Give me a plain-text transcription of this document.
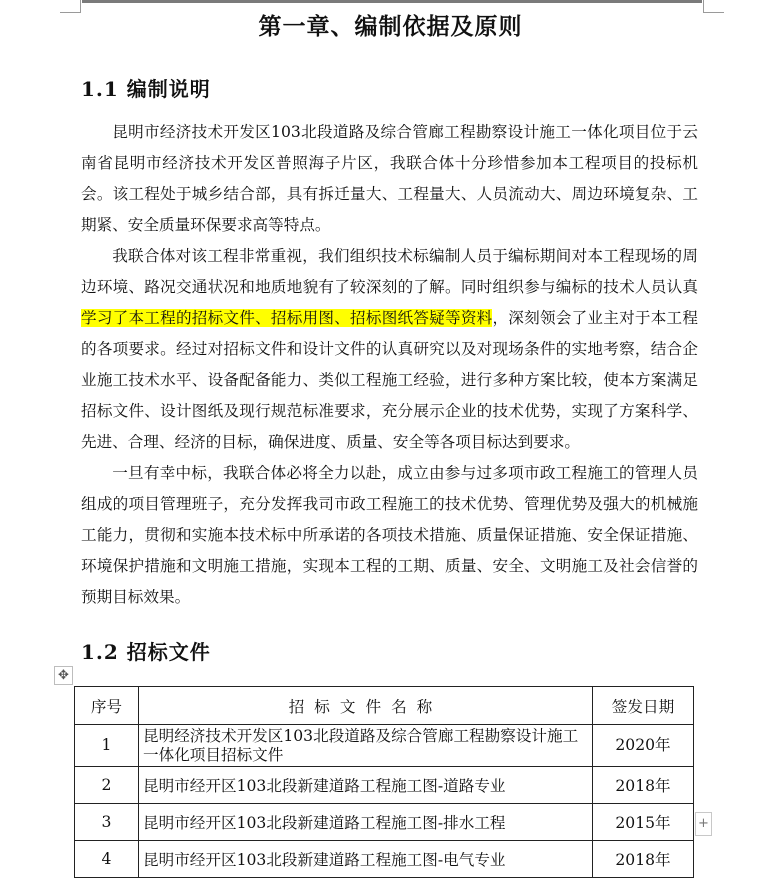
第一章、编制依据及原则
1.1 编制说明

昆明市经济技术开发区103北段道路及综合管廊工程勘察设计施工一体化项目位于云南省昆明市经济技术开发区普照海子片区，我联合体十分珍惜参加本工程项目的投标机会。该工程处于城乡结合部，具有拆迁量大、工程量大、人员流动大、周边环境复杂、工期紧、安全质量环保要求高等特点。

我联合体对该工程非常重视，我们组织技术标编制人员于编标期间对本工程现场的周边环境、路况交通状况和地质地貌有了较深刻的了解。同时组织参与编标的技术人员认真学习了本工程的招标文件、招标用图、招标图纸答疑等资料，深刻领会了业主对于本工程的各项要求。经过对招标文件和设计文件的认真研究以及对现场条件的实地考察，结合企业施工技术水平、设备配备能力、类似工程施工经验，进行多种方案比较，使本方案满足招标文件、设计图纸及现行规范标准要求，充分展示企业的技术优势，实现了方案科学、先进、合理、经济的目标，确保进度、质量、安全等各项目标达到要求。

一旦有幸中标，我联合体必将全力以赴，成立由参与过多项市政工程施工的管理人员组成的项目管理班子，充分发挥我司市政工程施工的技术优势、管理优势及强大的机械施工能力，贯彻和实施本技术标中所承诺的各项技术措施、质量保证措施、安全保证措施、环境保护措施和文明施工措施，实现本工程的工期、质量、安全、文明施工及社会信誉的预期目标效果。

1.2 招标文件
✥
序号	招标文件名称	签发日期
1	昆明经济技术开发区103北段道路及综合管廊工程勘察设计施工一体化项目招标文件	2020年
2	昆明市经开区103北段新建道路工程施工图-道路专业	2018年
3	昆明市经开区103北段新建道路工程施工图-排水工程	2015年
4	昆明市经开区103北段新建道路工程施工图-电气专业	2018年
+
